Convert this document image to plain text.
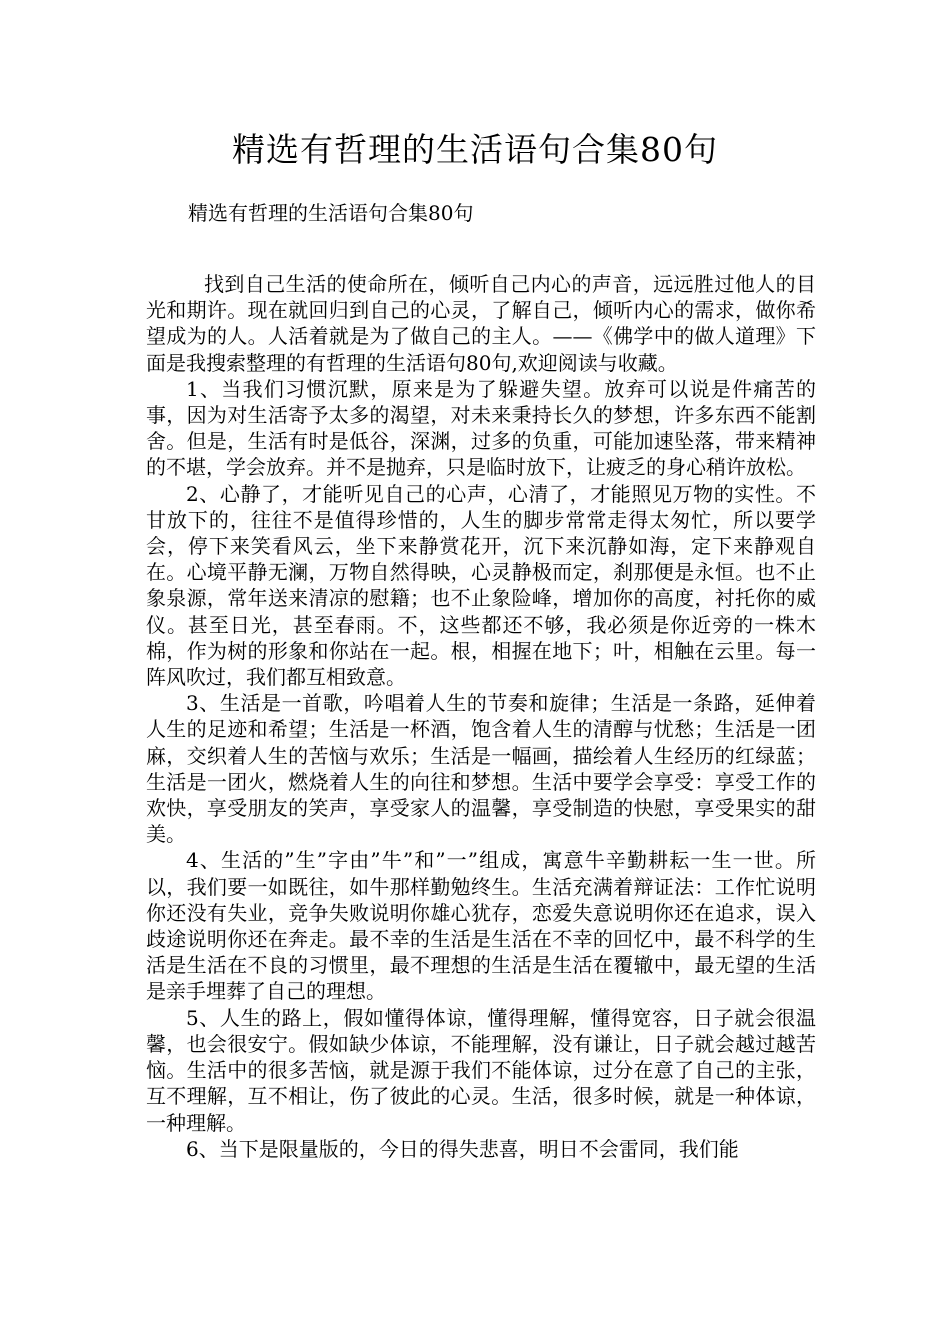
精选有哲理的生活语句合集80句

精选有哲理的生活语句合集80句

找到自己生活的使命所在，倾听自己内心的声音，远远胜过他人的目光和期许。现在就回归到自己的心灵，了解自己，倾听内心的需求，做你希望成为的人。人活着就是为了做自己的主人。——《佛学中的做人道理》下面是我搜索整理的有哲理的生活语句80句,欢迎阅读与收藏。

1、当我们习惯沉默，原来是为了躲避失望。放弃可以说是件痛苦的事，因为对生活寄予太多的渴望，对未来秉持长久的梦想，许多东西不能割舍。但是，生活有时是低谷，深渊，过多的负重，可能加速坠落，带来精神的不堪，学会放弃。并不是抛弃，只是临时放下，让疲乏的身心稍许放松。

2、心静了，才能听见自己的心声，心清了，才能照见万物的实性。不甘放下的，往往不是值得珍惜的，人生的脚步常常走得太匆忙，所以要学会，停下来笑看风云，坐下来静赏花开，沉下来沉静如海，定下来静观自在。心境平静无澜，万物自然得映，心灵静极而定，刹那便是永恒。也不止象泉源，常年送来清凉的慰籍；也不止象险峰，增加你的高度，衬托你的威仪。甚至日光，甚至春雨。不，这些都还不够，我必须是你近旁的一株木棉，作为树的形象和你站在一起。根，相握在地下；叶，相触在云里。每一阵风吹过，我们都互相致意。

3、生活是一首歌，吟唱着人生的节奏和旋律；生活是一条路，延伸着人生的足迹和希望；生活是一杯酒，饱含着人生的清醇与忧愁；生活是一团麻，交织着人生的苦恼与欢乐；生活是一幅画，描绘着人生经历的红绿蓝；生活是一团火，燃烧着人生的向往和梦想。生活中要学会享受：享受工作的欢快，享受朋友的笑声，享受家人的温馨，享受制造的快慰，享受果实的甜美。

4、生活的”生”字由”牛”和”一”组成，寓意牛辛勤耕耘一生一世。所以，我们要一如既往，如牛那样勤勉终生。生活充满着辩证法：工作忙说明你还没有失业，竞争失败说明你雄心犹存，恋爱失意说明你还在追求，误入歧途说明你还在奔走。最不幸的生活是生活在不幸的回忆中，最不科学的生活是生活在不良的习惯里，最不理想的生活是生活在覆辙中，最无望的生活是亲手埋葬了自己的理想。

5、人生的路上，假如懂得体谅，懂得理解，懂得宽容，日子就会很温馨，也会很安宁。假如缺少体谅，不能理解，没有谦让，日子就会越过越苦恼。生活中的很多苦恼，就是源于我们不能体谅，过分在意了自己的主张，互不理解，互不相让，伤了彼此的心灵。生活，很多时候，就是一种体谅，一种理解。

6、当下是限量版的，今日的得失悲喜，明日不会雷同，我们能
